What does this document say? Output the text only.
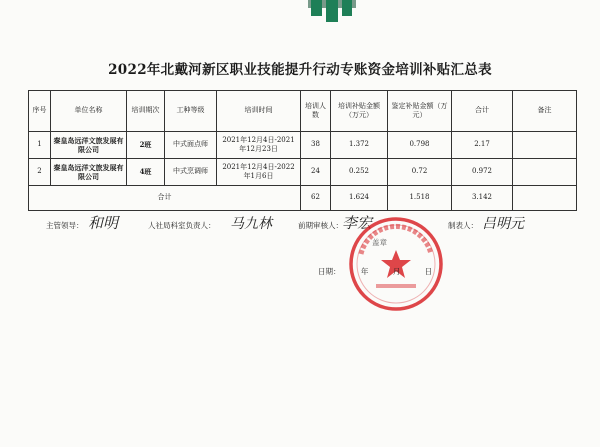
2022年北戴河新区职业技能提升行动专账资金培训补贴汇总表
序号	单位名称	培训期次	工种等级	培训时间	培训人数	培训补贴金额（万元）	鉴定补贴金额（万元）	合计	备注
1	秦皇岛远洋文旅发展有限公司	2班	中式面点师	2021年12月4日-2021年12月23日	38	1.372	0.798	2.17	
2	秦皇岛远洋文旅发展有限公司	4班	中式烹调师	2021年12月4日-2022年1月6日	24	0.252	0.72	0.972	
合计					62	1.624	1.518	3.142	
主管领导： 和明	人社局科室负责人： 马九林	前期审核人： 李宏	制表人： 吕明元
盖章
日期：	年	月	日
